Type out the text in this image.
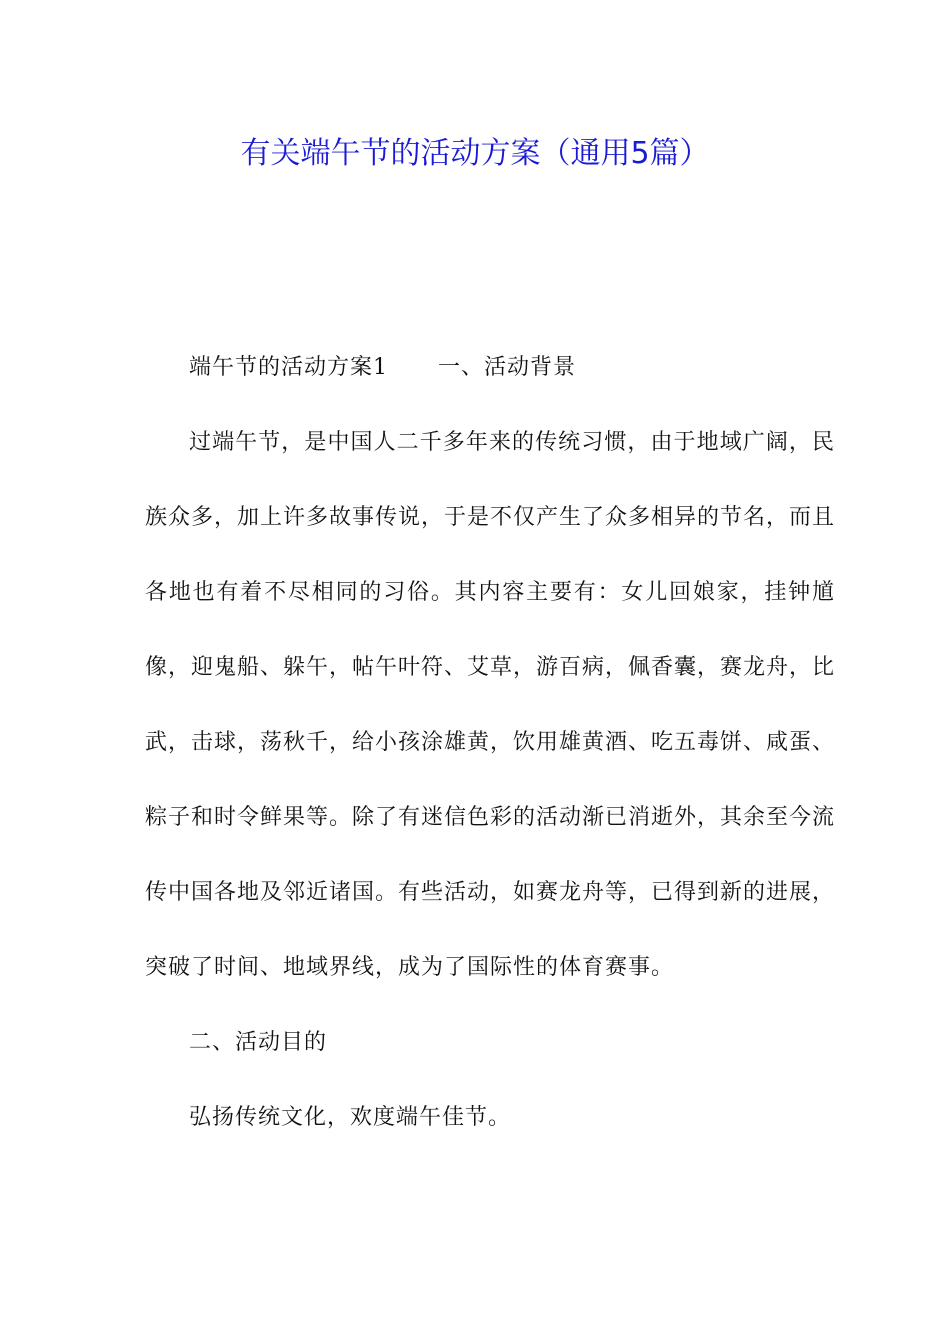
有关端午节的活动方案（通用5篇）

端午节的活动方案1 一、活动背景

过端午节，是中国人二千多年来的传统习惯，由于地域广阔，民族众多，加上许多故事传说，于是不仅产生了众多相异的节名，而且各地也有着不尽相同的习俗。其内容主要有：女儿回娘家，挂钟馗像，迎鬼船、躲午，帖午叶符、艾草，游百病，佩香囊，赛龙舟，比武，击球，荡秋千，给小孩涂雄黄，饮用雄黄酒、吃五毒饼、咸蛋、粽子和时令鲜果等。除了有迷信色彩的活动渐已消逝外，其余至今流传中国各地及邻近诸国。有些活动，如赛龙舟等，已得到新的进展，突破了时间、地域界线，成为了国际性的体育赛事。

二、活动目的

弘扬传统文化，欢度端午佳节。
